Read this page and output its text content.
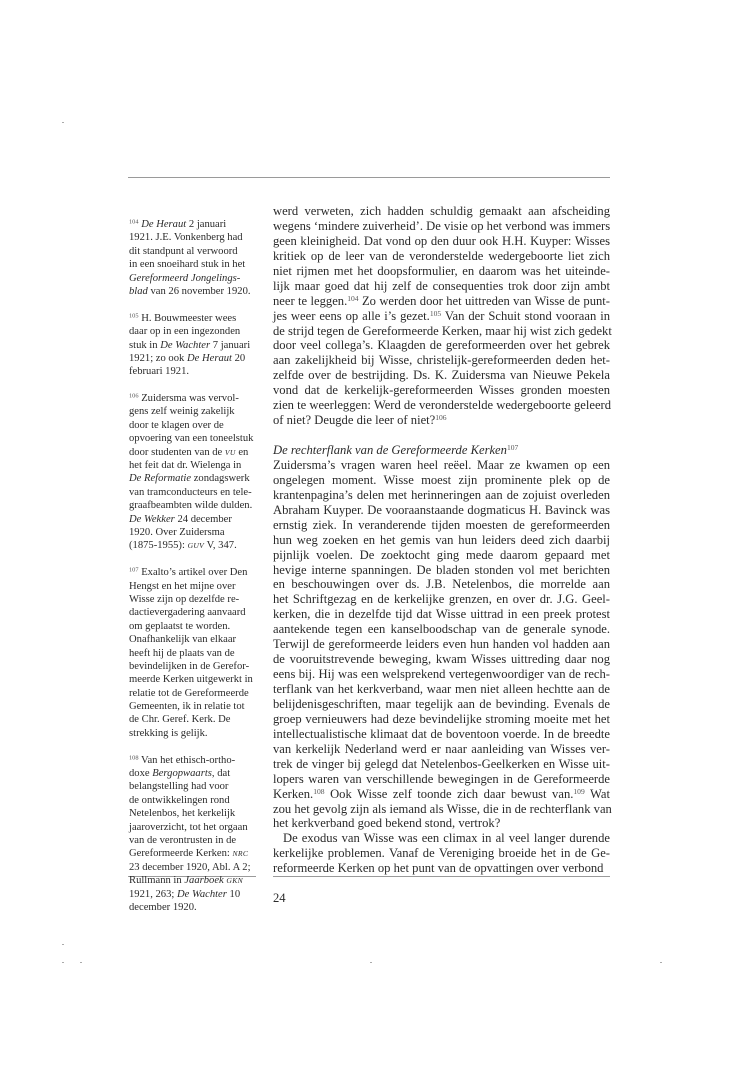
$^{104}$ De Heraut 2 januari
1921. J.E. Vonkenberg had
dit standpunt al verwoord
in een snoeihard stuk in het
Gereformeerd Jongelings-
blad van 26 november 1920.
$^{105}$ H. Bouwmeester wees
daar op in een ingezonden
stuk in De Wachter 7 januari
1921; zo ook De Heraut 20
februari 1921.
$^{106}$ Zuidersma was vervol-
gens zelf weinig zakelijk
door te klagen over de
opvoering van een toneelstuk
door studenten van de VU en
het feit dat dr. Wielenga in
De Reformatie zondagswerk
van tramconducteurs en tele-
graafbeambten wilde dulden.
De Wekker 24 december
1920. Over Zuidersma
(1875-1955): GUV V, 347.
$^{107}$ Exalto’s artikel over Den
Hengst en het mijne over
Wisse zijn op dezelfde re-
dactievergadering aanvaard
om geplaatst te worden.
Onafhankelijk van elkaar
heeft hij de plaats van de
bevindelijken in de Gerefor-
meerde Kerken uitgewerkt in
relatie tot de Gereformeerde
Gemeenten, ik in relatie tot
de Chr. Geref. Kerk. De
strekking is gelijk.
$^{108}$ Van het ethisch-ortho-
doxe Bergopwaarts, dat
belangstelling had voor
de ontwikkelingen rond
Netelenbos, het kerkelijk
jaaroverzicht, tot het orgaan
van de verontrusten in de
Gereformeerde Kerken: NRC
23 december 1920, Abl. A 2;
Rullmann in Jaarboek GKN
1921, 263; De Wachter 10
december 1920.
werd verweten, zich hadden schuldig gemaakt aan afscheiding
wegens ‘mindere zuiverheid’. De visie op het verbond was immers
geen kleinigheid. Dat vond op den duur ook H.H. Kuyper: Wisses
kritiek op de leer van de veronderstelde wedergeboorte liet zich
niet rijmen met het doopsformulier, en daarom was het uiteinde-
lijk maar goed dat hij zelf de consequenties trok door zijn ambt
neer te leggen.$^{104}$ Zo werden door het uittreden van Wisse de punt-
jes weer eens op alle i’s gezet.$^{105}$ Van der Schuit stond vooraan in
de strijd tegen de Gereformeerde Kerken, maar hij wist zich gedekt
door veel collega’s. Klaagden de gereformeerden over het gebrek
aan zakelijkheid bij Wisse, christelijk-gereformeerden deden het-
zelfde over de bestrijding. Ds. K. Zuidersma van Nieuwe Pekela
vond dat de kerkelijk-gereformeerden Wisses gronden moesten
zien te weerleggen: Werd de veronderstelde wedergeboorte geleerd
of niet? Deugde die leer of niet?$^{106}$
De rechterflank van de Gereformeerde Kerken$^{107}$
Zuidersma’s vragen waren heel reëel. Maar ze kwamen op een
ongelegen moment. Wisse moest zijn prominente plek op de
krantenpagina’s delen met herinneringen aan de zojuist overleden
Abraham Kuyper. De vooraanstaande dogmaticus H. Bavinck was
ernstig ziek. In veranderende tijden moesten de gereformeerden
hun weg zoeken en het gemis van hun leiders deed zich daarbij
pijnlijk voelen. De zoektocht ging mede daarom gepaard met
hevige interne spanningen. De bladen stonden vol met berichten
en beschouwingen over ds. J.B. Netelenbos, die morrelde aan
het Schriftgezag en de kerkelijke grenzen, en over dr. J.G. Geel-
kerken, die in dezelfde tijd dat Wisse uittrad in een preek protest
aantekende tegen een kanselboodschap van de generale synode.
Terwijl de gereformeerde leiders even hun handen vol hadden aan
de vooruitstrevende beweging, kwam Wisses uittreding daar nog
eens bij. Hij was een welsprekend vertegenwoordiger van de rech-
terflank van het kerkverband, waar men niet alleen hechtte aan de
belijdenisgeschriften, maar tegelijk aan de bevinding. Evenals de
groep vernieuwers had deze bevindelijke stroming moeite met het
intellectualistische klimaat dat de boventoon voerde. In de breedte
van kerkelijk Nederland werd er naar aanleiding van Wisses ver-
trek de vinger bij gelegd dat Netelenbos-Geelkerken en Wisse uit-
lopers waren van verschillende bewegingen in de Gereformeerde
Kerken.$^{108}$ Ook Wisse zelf toonde zich daar bewust van.$^{109}$ Wat
zou het gevolg zijn als iemand als Wisse, die in de rechterflank van
het kerkverband goed bekend stond, vertrok?
De exodus van Wisse was een climax in al veel langer durende
kerkelijke problemen. Vanaf de Vereniging broeide het in de Ge-
reformeerde Kerken op het punt van de opvattingen over verbond
24
